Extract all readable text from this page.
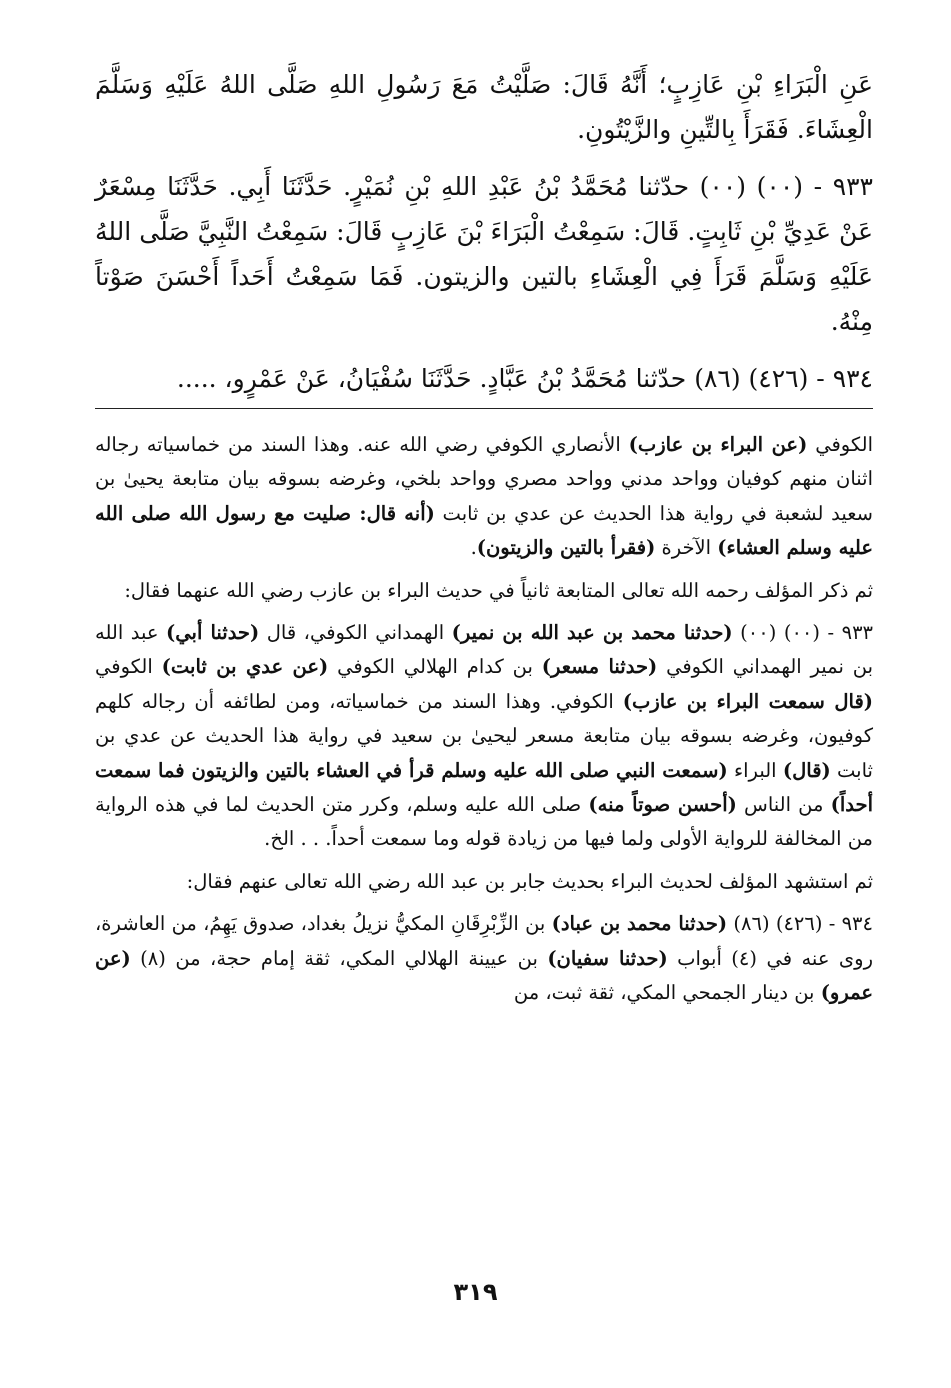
عَنِ الْبَرَاءِ بْنِ عَازِبٍ؛ أَنَّهُ قَالَ: صَلَّيْتُ مَعَ رَسُولِ اللهِ صَلَّى اللهُ عَلَيْهِ وَسَلَّمَ الْعِشَاءَ. فَقَرَأَ بِالتِّينِ والزَّيْتُونِ.

٩٣٣ - (٠٠) (٠٠) حدّثنا مُحَمَّدُ بْنُ عَبْدِ اللهِ بْنِ نُمَيْرٍ. حَدَّثَنَا أَبِي. حَدَّثَنَا مِسْعَرٌ عَنْ عَدِيِّ بْنِ ثَابِتٍ. قَالَ: سَمِعْتُ الْبَرَاءَ بْنَ عَازِبٍ قَالَ: سَمِعْتُ النَّبِيَّ صَلَّى اللهُ عَلَيْهِ وَسَلَّمَ قَرَأَ فِي الْعِشَاءِ بالتين والزيتون. فَمَا سَمِعْتُ أَحَداً أَحْسَنَ صَوْتاً مِنْهُ.

٩٣٤ - (٤٢٦) (٨٦) حدّثنا مُحَمَّدُ بْنُ عَبَّادٍ. حَدَّثَنَا سُفْيَانُ، عَنْ عَمْرٍو، .....

الكوفي (عن البراء بن عازب) الأنصاري الكوفي رضي الله عنه. وهذا السند من خماسياته رجاله اثنان منهم كوفيان وواحد مدني وواحد مصري وواحد بلخي، وغرضه بسوقه بيان متابعة يحيىٰ بن سعيد لشعبة في رواية هذا الحديث عن عدي بن ثابت (أنه قال: صليت مع رسول الله صلى الله عليه وسلم العشاء) الآخرة (فقرأ بالتين والزيتون).

ثم ذكر المؤلف رحمه الله تعالى المتابعة ثانياً في حديث البراء بن عازب رضي الله عنهما فقال:

٩٣٣ - (٠٠) (٠٠) (حدثنا محمد بن عبد الله بن نمير) الهمداني الكوفي، قال (حدثنا أبي) عبد الله بن نمير الهمداني الكوفي (حدثنا مسعر) بن كدام الهلالي الكوفي (عن عدي بن ثابت) الكوفي (قال سمعت البراء بن عازب) الكوفي. وهذا السند من خماسياته، ومن لطائفه أن رجاله كلهم كوفيون، وغرضه بسوقه بيان متابعة مسعر ليحيىٰ بن سعيد في رواية هذا الحديث عن عدي بن ثابت (قال) البراء (سمعت النبي صلى الله عليه وسلم قرأ في العشاء بالتين والزيتون فما سمعت أحداً) من الناس (أحسن صوتاً منه) صلى الله عليه وسلم، وكرر متن الحديث لما في هذه الرواية من المخالفة للرواية الأولى ولما فيها من زيادة قوله وما سمعت أحداً. . . الخ.

ثم استشهد المؤلف لحديث البراء بحديث جابر بن عبد الله رضي الله تعالى عنهم فقال:

٩٣٤ - (٤٢٦) (٨٦) (حدثنا محمد بن عباد) بن الزِّبْرِقَانِ المكيُّ نزيلُ بغداد، صدوق يَهِمُ، من العاشرة، روى عنه في (٤) أبواب (حدثنا سفيان) بن عيينة الهلالي المكي، ثقة إمام حجة، من (٨) (عن عمرو) بن دينار الجمحي المكي، ثقة ثبت، من

٣١٩
